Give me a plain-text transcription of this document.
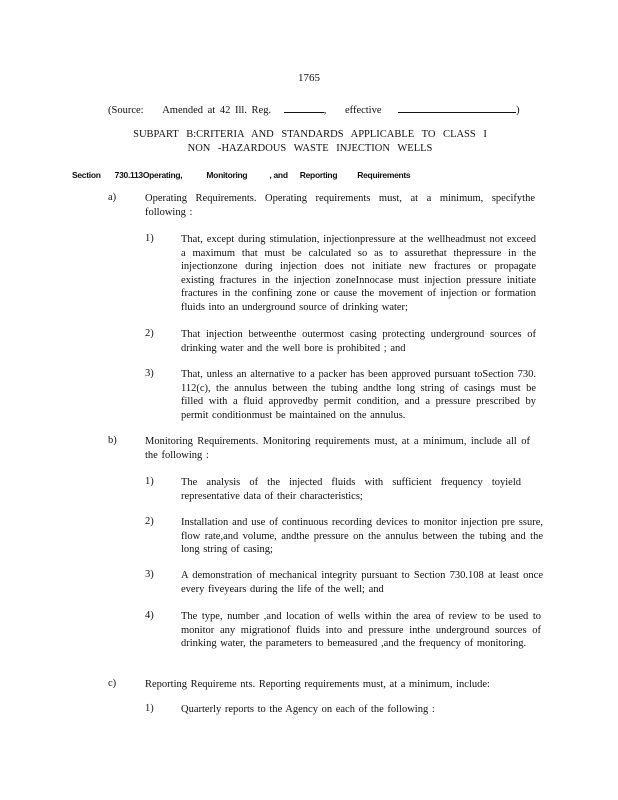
1765
(Source: Amended at 42 Ill. Reg.	, effective	)
SUBPART B:CRITERIA AND STANDARDS APPLICABLE TO CLASS I
NON -HAZARDOUS WASTE INJECTION WELLS
Section 730.113Operating,	Monitoring	, and Reporting Requirements
a)	Operating Requirements. Operating requirements must, at a minimum, specifythe following :
1)	That, except during stimulation, injectionpressure at the wellheadmust not exceed a maximum that must be calculated so as to assurethat thepressure in the injectionzone during injection does not initiate new fractures or propagate existing fractures in the injection zoneInnocase must injection pressure initiate fractures in the confining zone or cause the movement of injection or formation fluids into an underground source of drinking water;
2)	That injection betweenthe outermost casing protecting underground sources of drinking water and the well bore is prohibited ; and
3)	That, unless an alternative to a packer has been approved pursuant toSection 730. 112(c), the annulus between the tubing andthe long string of casings must be filled with a fluid approvedby permit condition, and a pressure prescribed by permit conditionmust be maintained on the annulus.
b)	Monitoring Requirements. Monitoring requirements must, at a minimum, include all of the following :
1)	The analysis of the injected fluids with sufficient frequency toyield representative data of their characteristics;
2)	Installation and use of continuous recording devices to monitor injection pre ssure, flow rate,and volume, andthe pressure on the annulus between the tubing and the long string of casing;
3)	A demonstration of mechanical integrity pursuant to Section 730.108 at least once every fiveyears during the life of the well; and
4)	The type, number ,and location of wells within the area of review to be used to monitor any migrationof fluids into and pressure inthe underground sources of drinking water, the parameters to bemeasured ,and the frequency of monitoring.
c)	Reporting Requireme nts. Reporting requirements must, at a minimum, include:
1)	Quarterly reports to the Agency on each of the following :
